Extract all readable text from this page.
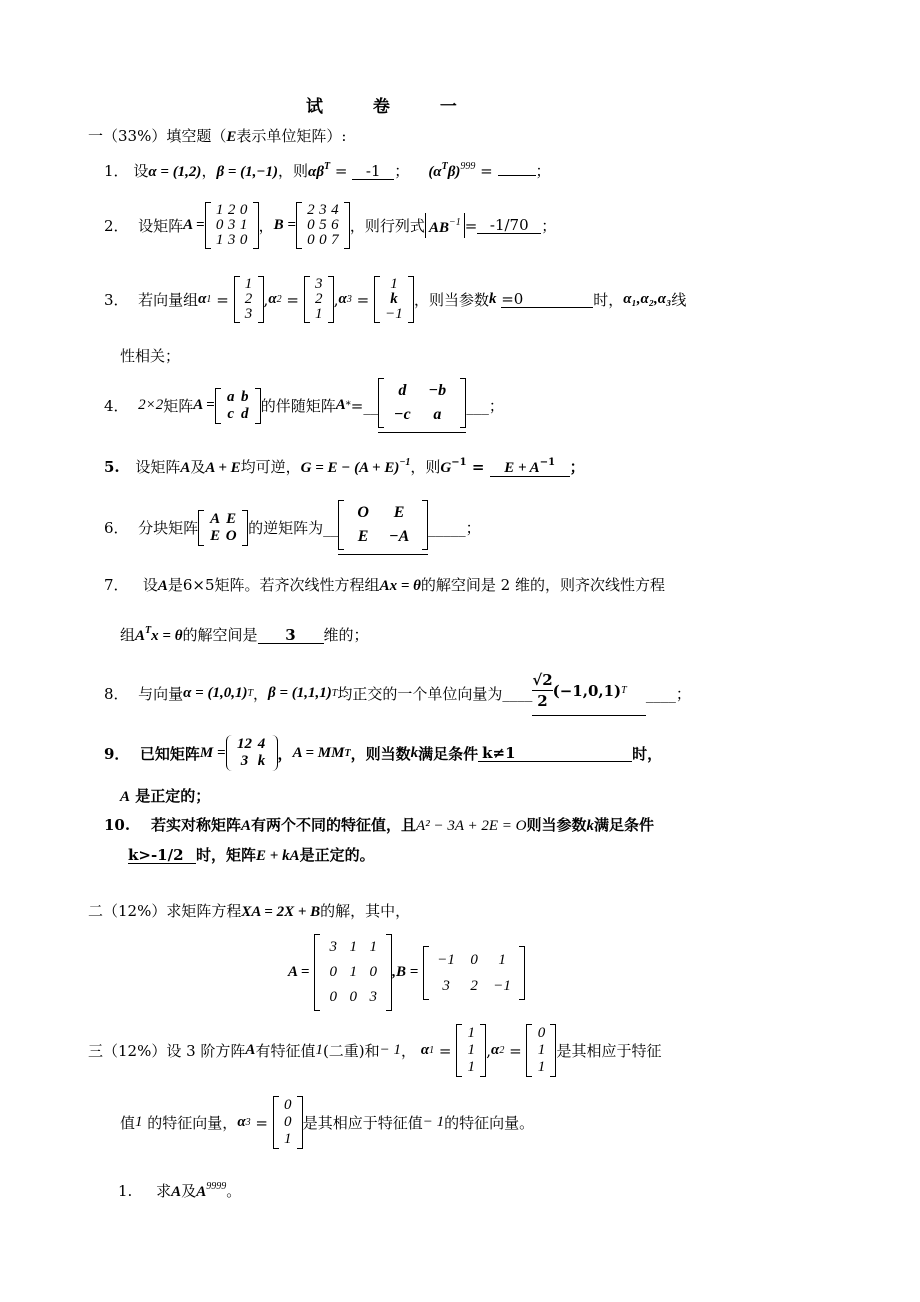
试 卷 一
一（33%）填空题（E表示单位矩阵）:
1． 设α = (1,2)，β = (1,−1)，则$\alpha\beta^T = -1$ ；    $(\alpha^T\beta)^{999}$ =	；
2．
设矩阵 A =
1 2 0
0 3 1
1 3 0
， B =
2 3 4
0 5 6
0 0 7
，则行列式 $AB^{-1} = -1/70$ ；
3．
若向量组 α 1 =
1
2
3
, α 2 =
3
2
1
, α 3 =
1
k
−1
，则当参数 k
=0	时， α₁,α₂,α₃ 线
性相关；
4．
2×2 矩阵 A =
a b
c d 的伴随矩阵 A * =__
d	−b
−c	a	___；
5. 设矩阵A及A + E均可逆，$G = E - (A + E)^{-1}$，则$G^{-1} = E + A^{-1}$ ；
6．
分块矩阵
A E
E O 的逆矩阵为 __
O	E
E	−A	_____；
7． 设A是6×5矩阵。若齐次线性方程组Ax = θ的解空间是 2 维的，则齐次线性方程
组$A^Tx = \theta$的解空间是 3 维的；
8．
与向量 α = (1,0,1) T ， β = (1,1,1) T 均正交的一个单位向量为 ____ $\frac{√2}{2} (-1,0,1)$ T
____；
9．
已知矩阵 M =
12 4
3 k ， A = MM T ，则当数 k 满足条件 k≠1	时，
A 是正定的；
10. 若实对称矩阵A有两个不同的特征值，且A² − 3A + 2E = O则当参数k满足条件
k>-1/2 时，矩阵E + kA是正定的。
二（12%）求矩阵方程XA = 2X + B的解，其中，
A =

3 1 1
0 1 0
0 0 3
,B =

−1	0	1
3	2	−1
三（12%）设 3 阶方阵 A 有特征值 1 (二重)和 − 1 ， α 1 =
1
1
1
, α 2 =
0
1
1
是其相应于特征
值 1
的特征向量， α 3 =
0
0
1
是其相应于特征值 − 1 的特征向量。
1. 求A及$A^{9999}$。
